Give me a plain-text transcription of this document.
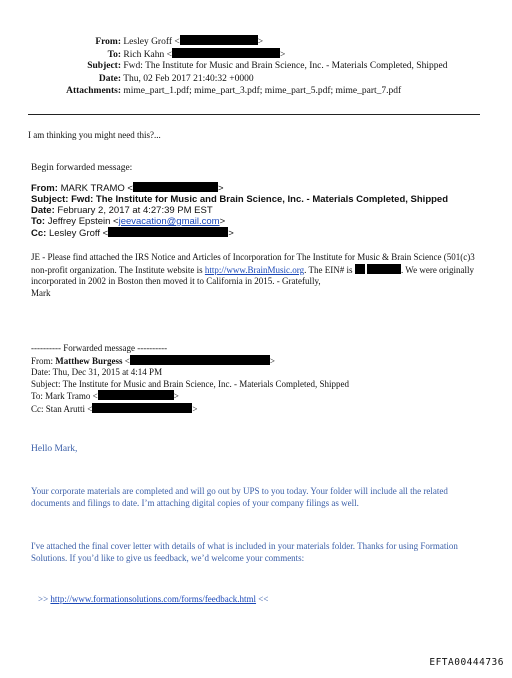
From: Lesley Groff <	>
To: Rich Kahn <	>
Subject: Fwd: The Institute for Music and Brain Science, Inc. - Materials Completed, Shipped
Date: Thu, 02 Feb 2017 21:40:32 +0000
Attachments: mime_part_1.pdf; mime_part_3.pdf; mime_part_5.pdf; mime_part_7.pdf
I am thinking you might need this?...
Begin forwarded message:
From: MARK TRAMO <	>
Subject: Fwd: The Institute for Music and Brain Science, Inc. - Materials Completed, Shipped
Date: February 2, 2017 at 4:27:39 PM EST
To: Jeffrey Epstein <jeevacation@gmail.com>
Cc: Lesley Groff <	>
JE - Please find attached the IRS Notice and Articles of Incorporation for The Institute for Music & Brain Science (501(c)3 non-profit organization. The Institute website is http://www.BrainMusic.org. The EIN# is	. We were originally incorporated in 2002 in Boston then moved it to California in 2015. - Gratefully,
Mark
---------- Forwarded message ----------
From: Matthew Burgess <	>
Date: Thu, Dec 31, 2015 at 4:14 PM
Subject: The Institute for Music and Brain Science, Inc. - Materials Completed, Shipped
To: Mark Tramo <	>
Cc: Stan Arutti <	>
Hello Mark,
Your corporate materials are completed and will go out by UPS to you today. Your folder will include all the related documents and filings to date. I’m attaching digital copies of your company filings as well.
I've attached the final cover letter with details of what is included in your materials folder. Thanks for using Formation Solutions. If you’d like to give us feedback, we’d welcome your comments:
>> http://www.formationsolutions.com/forms/feedback.html <<
EFTA00444736
